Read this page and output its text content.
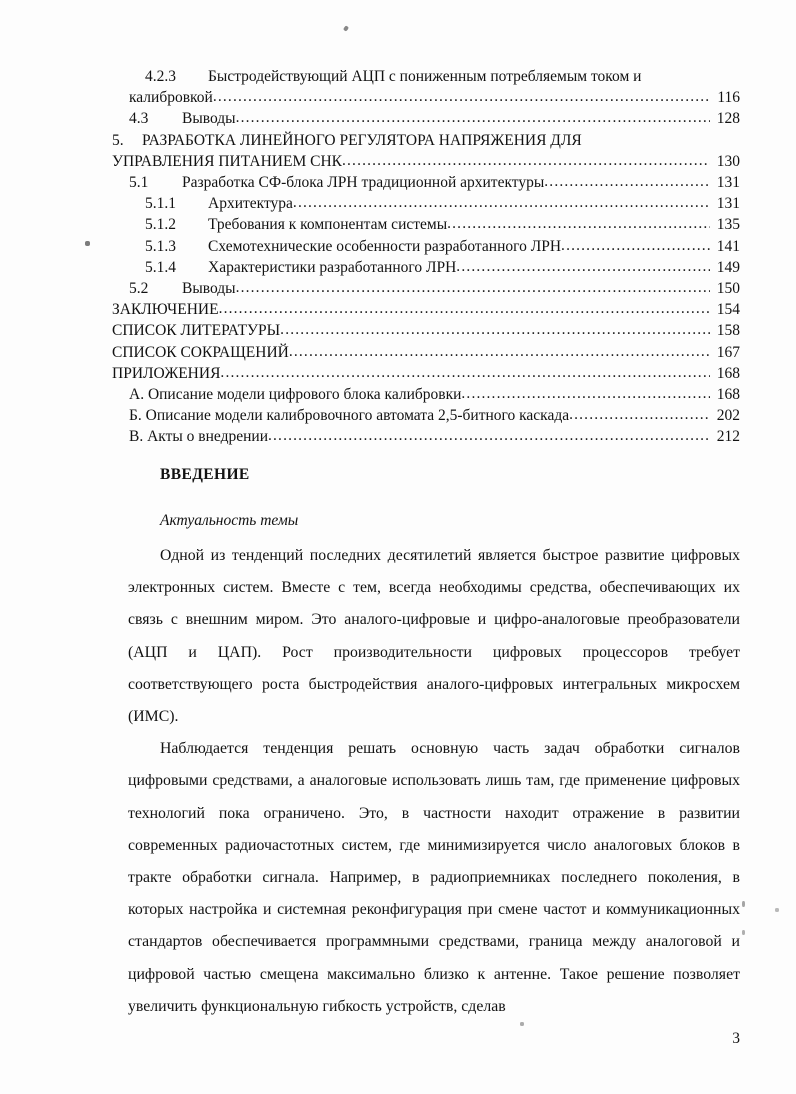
4.2.3	Быстродействующий АЦП с пониженным потребляемым током и
калибровкой .....	116
4.3	Выводы .....	128
5.	РАЗРАБОТКА ЛИНЕЙНОГО РЕГУЛЯТОРА НАПРЯЖЕНИЯ ДЛЯ
УПРАВЛЕНИЯ ПИТАНИЕМ СНК .....	130
5.1	Разработка СФ-блока ЛРН традиционной архитектуры .....	131
5.1.1	Архитектура .....	131
5.1.2	Требования к компонентам системы .....	135
5.1.3	Схемотехнические особенности разработанного ЛРН .....	141
5.1.4	Характеристики разработанного ЛРН .....	149
5.2	Выводы .....	150
ЗАКЛЮЧЕНИЕ .....	154
СПИСОК ЛИТЕРАТУРЫ .....	158
СПИСОК СОКРАЩЕНИЙ .....	167
ПРИЛОЖЕНИЯ .....	168
А. Описание модели цифрового блока калибровки .....	168
Б. Описание модели калибровочного автомата 2,5-битного каскада .....	202
В. Акты о внедрении .....	212
ВВЕДЕНИЕ
Актуальность темы

Одной из тенденций последних десятилетий является быстрое развитие цифровых электронных систем. Вместе с тем, всегда необходимы средства, обеспечивающих их связь с внешним миром. Это аналого-цифровые и цифро-аналоговые преобразователи (АЦП и ЦАП). Рост производительности цифровых процессоров требует соответствующего роста быстродействия аналого-цифровых интегральных микросхем (ИМС).

Наблюдается тенденция решать основную часть задач обработки сигналов цифровыми средствами, а аналоговые использовать лишь там, где применение цифровых технологий пока ограничено. Это, в частности находит отражение в развитии современных радиочастотных систем, где минимизируется число аналоговых блоков в тракте обработки сигнала. Например, в радиоприемниках последнего поколения, в которых настройка и системная реконфигурация при смене частот и коммуникационных стандартов обеспечивается программными средствами, граница между аналоговой и цифровой частью смещена максимально близко к антенне. Такое решение позволяет увеличить функциональную гибкость устройств, сделав

3
